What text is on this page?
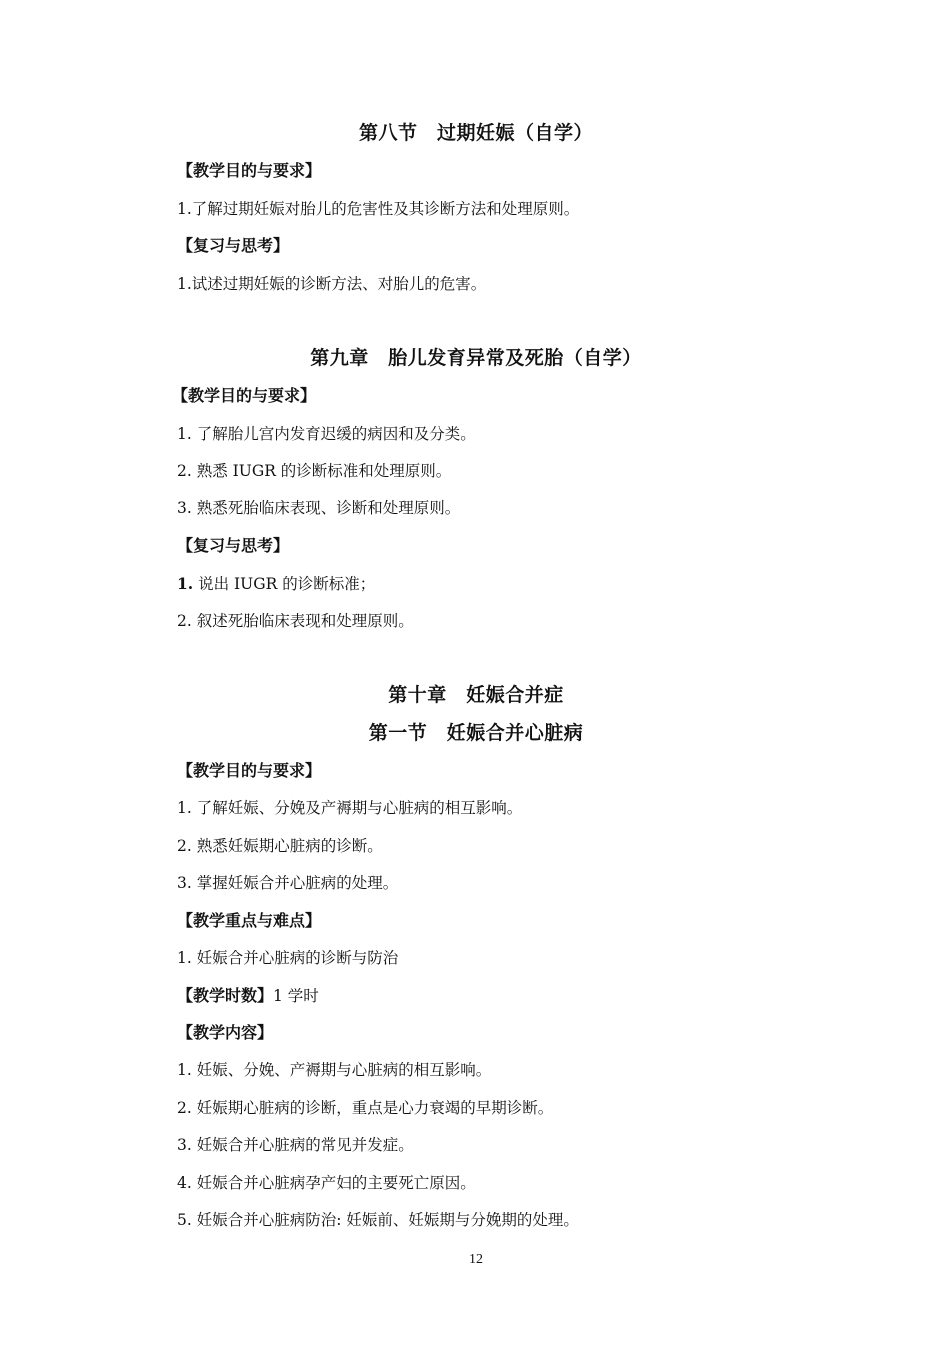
第八节　过期妊娠（自学）
【教学目的与要求】
1.了解过期妊娠对胎儿的危害性及其诊断方法和处理原则。
【复习与思考】
1.试述过期妊娠的诊断方法、对胎儿的危害。
第九章　胎儿发育异常及死胎（自学）
【教学目的与要求】
1. 了解胎儿宫内发育迟缓的病因和及分类。
2. 熟悉 IUGR 的诊断标准和处理原则。
3. 熟悉死胎临床表现、诊断和处理原则。
【复习与思考】
1. 说出 IUGR 的诊断标准；
2. 叙述死胎临床表现和处理原则。
第十章　妊娠合并症
第一节　妊娠合并心脏病
【教学目的与要求】
1. 了解妊娠、分娩及产褥期与心脏病的相互影响。
2. 熟悉妊娠期心脏病的诊断。
3. 掌握妊娠合并心脏病的处理。
【教学重点与难点】
1. 妊娠合并心脏病的诊断与防治
【教学时数】1 学时
【教学内容】
1. 妊娠、分娩、产褥期与心脏病的相互影响。
2. 妊娠期心脏病的诊断，重点是心力衰竭的早期诊断。
3. 妊娠合并心脏病的常见并发症。
4. 妊娠合并心脏病孕产妇的主要死亡原因。
5. 妊娠合并心脏病防治: 妊娠前、妊娠期与分娩期的处理。
12
